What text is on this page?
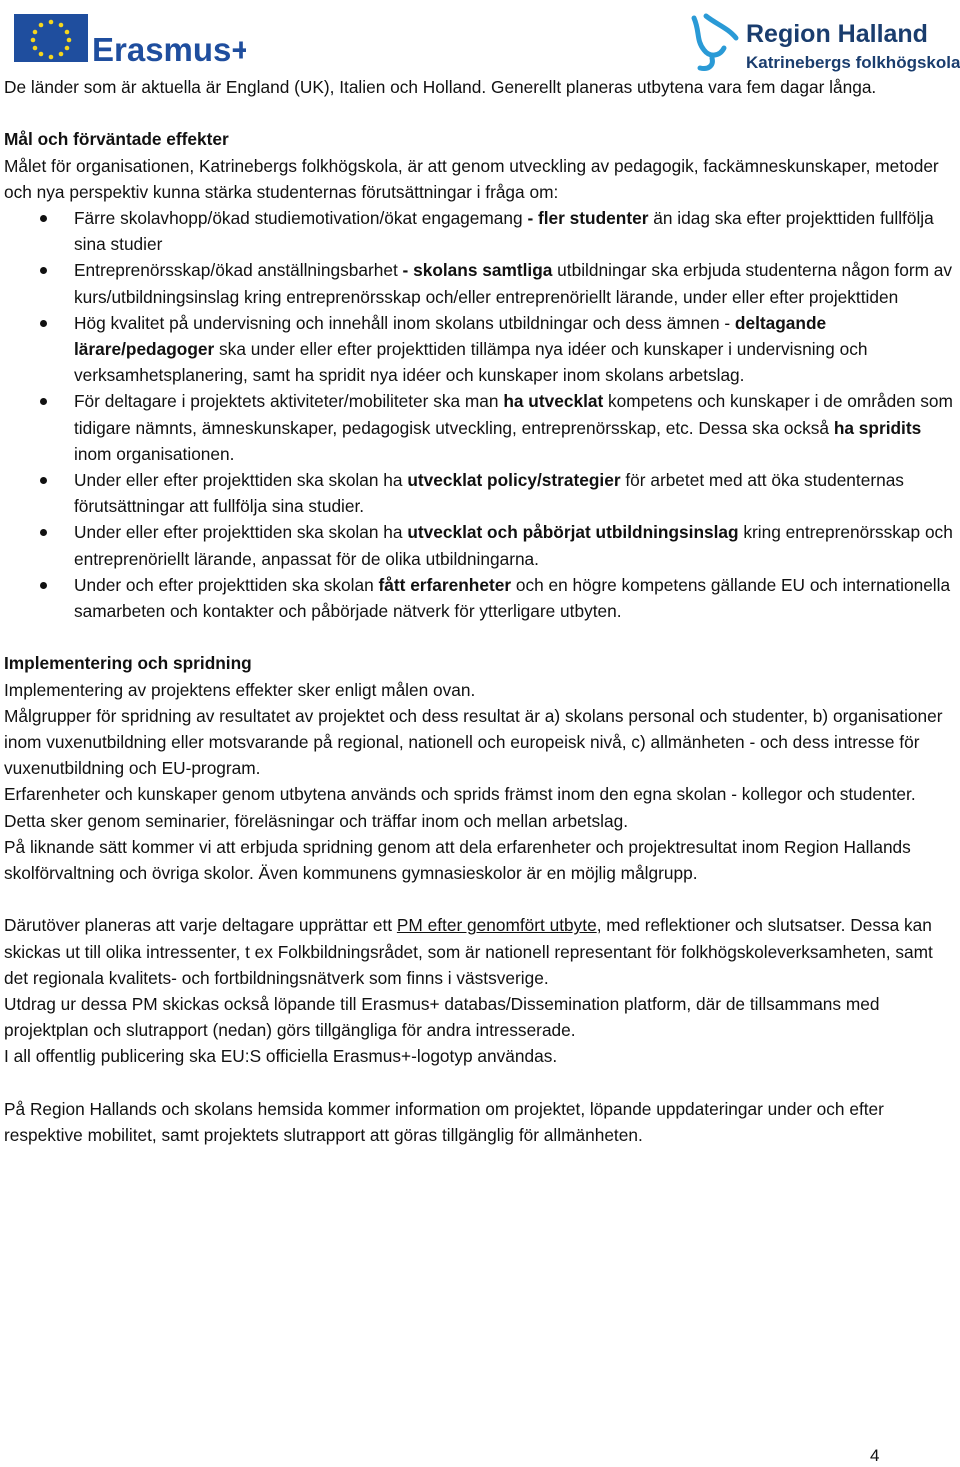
Erasmus+	Region Halland
Katrinebergs folkhögskola

De länder som är aktuella är England (UK), Italien och Holland. Generellt planeras utbytena vara fem dagar långa.

Mål och förväntade effekter

Målet för organisationen, Katrinebergs folkhögskola, är att genom utveckling av pedagogik, fackämneskunskaper, metoder och nya perspektiv kunna stärka studenternas förutsättningar i fråga om:

Färre skolavhopp/ökad studiemotivation/ökat engagemang - fler studenter än idag ska efter projekttiden fullfölja sina studier
Entreprenörsskap/ökad anställningsbarhet - skolans samtliga utbildningar ska erbjuda studenterna någon form av kurs/utbildningsinslag kring entreprenörsskap och/eller entreprenöriellt lärande, under eller efter projekttiden
Hög kvalitet på undervisning och innehåll inom skolans utbildningar och dess ämnen - deltagande lärare/pedagoger ska under eller efter projekttiden tillämpa nya idéer och kunskaper i undervisning och verksamhetsplanering, samt ha spridit nya idéer och kunskaper inom skolans arbetslag.
För deltagare i projektets aktiviteter/mobiliteter ska man ha utvecklat kompetens och kunskaper i de områden som tidigare nämnts, ämneskunskaper, pedagogisk utveckling, entreprenörsskap, etc. Dessa ska också ha spridits inom organisationen.
Under eller efter projekttiden ska skolan ha utvecklat policy/strategier för arbetet med att öka studenternas förutsättningar att fullfölja sina studier.
Under eller efter projekttiden ska skolan ha utvecklat och påbörjat utbildningsinslag kring entreprenörsskap och entreprenöriellt lärande, anpassat för de olika utbildningarna.
Under och efter projekttiden ska skolan fått erfarenheter och en högre kompetens gällande EU och internationella samarbeten och kontakter och påbörjade nätverk för ytterligare utbyten.
Implementering och spridning

Implementering av projektens effekter sker enligt målen ovan.

Målgrupper för spridning av resultatet av projektet och dess resultat är a) skolans personal och studenter, b) organisationer inom vuxenutbildning eller motsvarande på regional, nationell och europeisk nivå, c) allmänheten - och dess intresse för vuxenutbildning och EU-program.

Erfarenheter och kunskaper genom utbytena används och sprids främst inom den egna skolan - kollegor och studenter. Detta sker genom seminarier, föreläsningar och träffar inom och mellan arbetslag.

På liknande sätt kommer vi att erbjuda spridning genom att dela erfarenheter och projektresultat inom Region Hallands skolförvaltning och övriga skolor. Även kommunens gymnasieskolor är en möjlig målgrupp.

Därutöver planeras att varje deltagare upprättar ett PM efter genomfört utbyte, med reflektioner och slutsatser. Dessa kan skickas ut till olika intressenter, t ex Folkbildningsrådet, som är nationell representant för folkhögskoleverksamheten, samt det regionala kvalitets- och fortbildningsnätverk som finns i västsverige.

Utdrag ur dessa PM skickas också löpande till Erasmus+ databas/Dissemination platform, där de tillsammans med projektplan och slutrapport (nedan) görs tillgängliga för andra intresserade.

I all offentlig publicering ska EU:S officiella Erasmus+-logotyp användas.

På Region Hallands och skolans hemsida kommer information om projektet, löpande uppdateringar under och efter respektive mobilitet, samt projektets slutrapport att göras tillgänglig för allmänheten.

4
